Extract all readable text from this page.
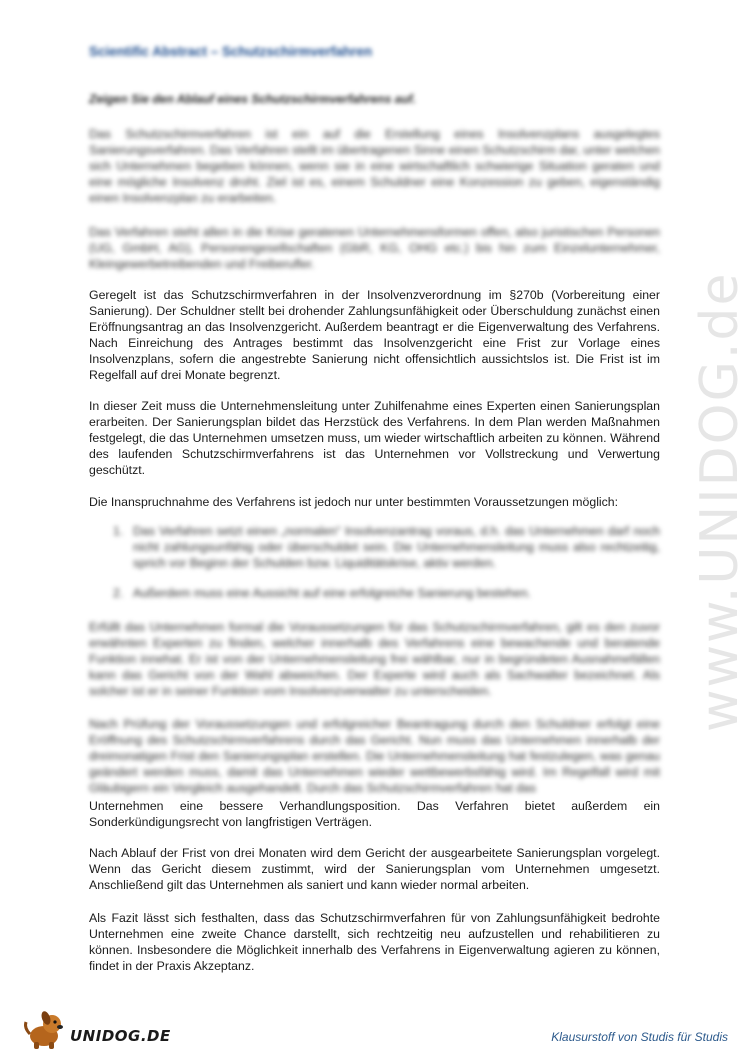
www.UNIDOG.de
Scientific Abstract – Schutzschirmverfahren

Zeigen Sie den Ablauf eines Schutzschirmverfahrens auf.

Das Schutzschirmverfahren ist ein auf die Erstellung eines Insolvenzplans ausgelegtes Sanierungsverfahren. Das Verfahren stellt im übertragenen Sinne einen Schutzschirm dar, unter welchen sich Unternehmen begeben können, wenn sie in eine wirtschaftlich schwierige Situation geraten und eine mögliche Insolvenz droht. Ziel ist es, einem Schuldner eine Konzession zu geben, eigenständig einen Insolvenzplan zu erarbeiten.

Das Verfahren steht allen in die Krise geratenen Unternehmensformen offen, also juristischen Personen (UG, GmbH, AG), Personengesellschaften (GbR, KG, OHG etc.) bis hin zum Einzelunternehmer, Kleingewerbetreibenden und Freiberufler.

Geregelt ist das Schutzschirmverfahren in der Insolvenzverordnung im §270b (Vorbereitung einer Sanierung). Der Schuldner stellt bei drohender Zahlungsunfähigkeit oder Überschuldung zunächst einen Eröffnungsantrag an das Insolvenzgericht. Außerdem beantragt er die Eigenverwaltung des Verfahrens. Nach Einreichung des Antrages bestimmt das Insolvenzgericht eine Frist zur Vorlage eines Insolvenzplans, sofern die angestrebte Sanierung nicht offensichtlich aussichtslos ist. Die Frist ist im Regelfall auf drei Monate begrenzt.

In dieser Zeit muss die Unternehmensleitung unter Zuhilfenahme eines Experten einen Sanierungsplan erarbeiten. Der Sanierungsplan bildet das Herzstück des Verfahrens. In dem Plan werden Maßnahmen festgelegt, die das Unternehmen umsetzen muss, um wieder wirtschaftlich arbeiten zu können. Während des laufenden Schutzschirmverfahrens ist das Unternehmen vor Vollstreckung und Verwertung geschützt.

Die Inanspruchnahme des Verfahrens ist jedoch nur unter bestimmten Voraussetzungen möglich:

1. Das Verfahren setzt einen „normalen“ Insolvenzantrag voraus, d.h. das Unternehmen darf noch nicht zahlungsunfähig oder überschuldet sein. Die Unternehmensleitung muss also rechtzeitig, sprich vor Beginn der Schulden bzw. Liquiditätskrise, aktiv werden.
2. Außerdem muss eine Aussicht auf eine erfolgreiche Sanierung bestehen.

Erfüllt das Unternehmen formal die Voraussetzungen für das Schutzschirmverfahren, gilt es den zuvor erwähnten Experten zu finden, welcher innerhalb des Verfahrens eine bewachende und beratende Funktion innehat. Er ist von der Unternehmensleitung frei wählbar, nur in begründeten Ausnahmefällen kann das Gericht von der Wahl abweichen. Der Experte wird auch als Sachwalter bezeichnet. Als solcher ist er in seiner Funktion vom Insolvenzverwalter zu unterscheiden.

Nach Prüfung der Voraussetzungen und erfolgreicher Beantragung durch den Schuldner erfolgt eine Eröffnung des Schutzschirmverfahrens durch das Gericht. Nun muss das Unternehmen innerhalb der dreimonatigen Frist den Sanierungsplan erstellen. Die Unternehmensleitung hat festzulegen, was genau geändert werden muss, damit das Unternehmen wieder wettbewerbsfähig wird. Im Regelfall wird mit Gläubigern ein Vergleich ausgehandelt. Durch das Schutzschirmverfahren hat das

Unternehmen eine bessere Verhandlungsposition. Das Verfahren bietet außerdem ein Sonderkündigungsrecht von langfristigen Verträgen.

Nach Ablauf der Frist von drei Monaten wird dem Gericht der ausgearbeitete Sanierungsplan vorgelegt. Wenn das Gericht diesem zustimmt, wird der Sanierungsplan vom Unternehmen umgesetzt. Anschließend gilt das Unternehmen als saniert und kann wieder normal arbeiten.

Als Fazit lässt sich festhalten, dass das Schutzschirmverfahren für von Zahlungsunfähigkeit bedrohte Unternehmen eine zweite Chance darstellt, sich rechtzeitig neu aufzustellen und rehabilitieren zu können. Insbesondere die Möglichkeit innerhalb des Verfahrens in Eigenverwaltung agieren zu können, findet in der Praxis Akzeptanz.

UNIDOG.DE	Klausurstoff von Studis für Studis
